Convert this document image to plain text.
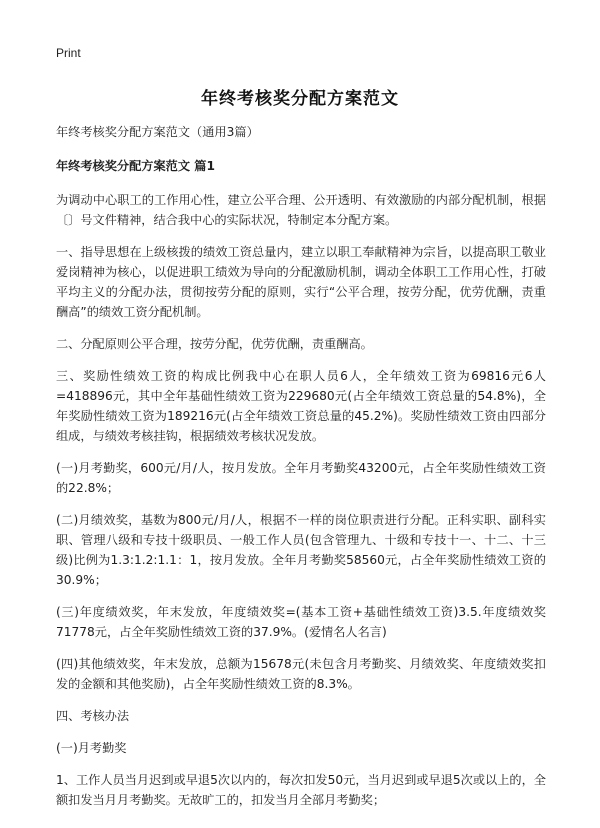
Print
年终考核奖分配方案范文

年终考核奖分配方案范文（通用3篇）

年终考核奖分配方案范文 篇1

为调动中心职工的工作用心性，建立公平合理、公开透明、有效激励的内部分配机制，根据〔〕号文件精神，结合我中心的实际状况，特制定本分配方案。

一、指导思想在上级核拨的绩效工资总量内，建立以职工奉献精神为宗旨，以提高职工敬业爱岗精神为核心，以促进职工绩效为导向的分配激励机制，调动全体职工工作用心性，打破平均主义的分配办法，贯彻按劳分配的原则，实行“公平合理，按劳分配，优劳优酬，责重酬高”的绩效工资分配机制。

二、分配原则公平合理，按劳分配，优劳优酬，责重酬高。

三、奖励性绩效工资的构成比例我中心在职人员6人，全年绩效工资为69816元6人=418896元，其中全年基础性绩效工资为229680元(占全年绩效工资总量的54.8%)，全年奖励性绩效工资为189216元(占全年绩效工资总量的45.2%)。奖励性绩效工资由四部分组成，与绩效考核挂钩，根据绩效考核状况发放。

(一)月考勤奖，600元/月/人，按月发放。全年月考勤奖43200元，占全年奖励性绩效工资的22.8%；

(二)月绩效奖，基数为800元/月/人，根据不一样的岗位职责进行分配。正科实职、副科实职、管理八级和专技十级职员、一般工作人员(包含管理九、十级和专技十一、十二、十三级)比例为1.3:1.2:1.1：1，按月发放。全年月考勤奖58560元，占全年奖励性绩效工资的30.9%；

(三)年度绩效奖，年末发放，年度绩效奖=(基本工资+基础性绩效工资)3.5.年度绩效奖71778元，占全年奖励性绩效工资的37.9%。(爱情名人名言)

(四)其他绩效奖，年末发放，总额为15678元(未包含月考勤奖、月绩效奖、年度绩效奖扣发的金额和其他奖励)，占全年奖励性绩效工资的8.3%。

四、考核办法

(一)月考勤奖

1、工作人员当月迟到或早退5次以内的，每次扣发50元，当月迟到或早退5次或以上的，全额扣发当月月考勤奖。无故旷工的，扣发当月全部月考勤奖；
